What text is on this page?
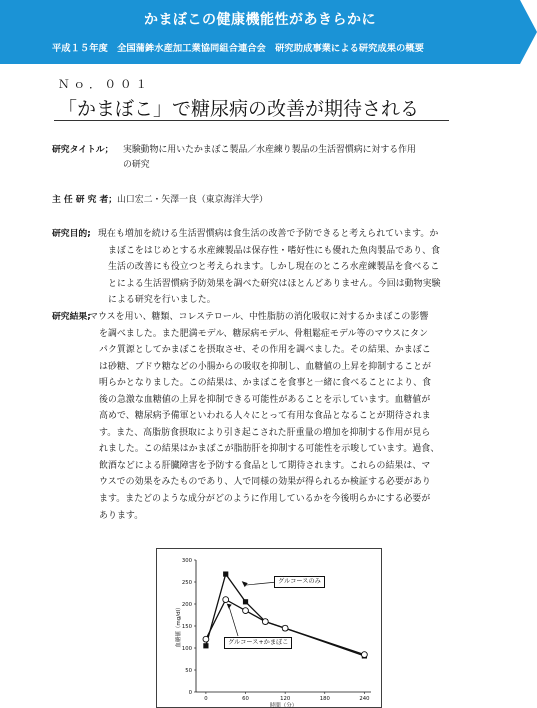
かまぼこの健康機能性があきらかに
平成１５年度　全国蒲鉾水産加工業協同組合連合会　研究助成事業による研究成果の概要
Ｎｏ．００１
「かまぼこ」で糖尿病の改善が期待される
研究タイトル； 実験動物に用いたかまぼこ製品／水産練り製品の生活習慣病に対する作用
の研究
主 任 研 究 者；山口宏二・矢澤一良（東京海洋大学）
研究目的; 現在も増加を続ける生活習慣病は食生活の改善で予防できると考えられています。か
まぼこをはじめとする水産練製品は保存性・嗜好性にも優れた魚肉製品であり、食
生活の改善にも役立つと考えられます。しかし現在のところ水産練製品を食べるこ
とによる生活習慣病予防効果を調べた研究はほとんどありません。今回は動物実験
による研究を行いました。
研究結果;
マウスを用い、糖類、コレステロール、中性脂肪の消化吸収に対するかまぼこの影響
を調べました。また肥満モデル、糖尿病モデル、骨粗鬆症モデル等のマウスにタン
パク質源としてかまぼこを摂取させ、その作用を調べました。その結果、かまぼこ
は砂糖、ブドウ糖などの小腸からの吸収を抑制し、血糖値の上昇を抑制することが
明らかとなりました。この結果は、かまぼこを食事と一緒に食べることにより、食
後の急激な血糖値の上昇を抑制できる可能性があることを示しています。血糖値が
高めで、糖尿病予備軍といわれる人々にとって有用な食品となることが期待されま
す。また、高脂肪食摂取により引き起こされた肝重量の増加を抑制する作用が見ら
れました。この結果はかまぼこが脂肪肝を抑制する可能性を示唆しています。過食、
飲酒などによる肝臓障害を予防する食品として期待されます。これらの結果は、マ
ウスでの効果をみたものであり、人で同様の効果が得られるか検証する必要があり
ます。またどのような成分がどのように作用しているかを今後明らかにする必要が
あります。
0
50
100
150
200
250
300
0	60	120	180	240
時間（分）
血糖値（mg/dl）
グルコースのみ
グルコース+かまぼこ
